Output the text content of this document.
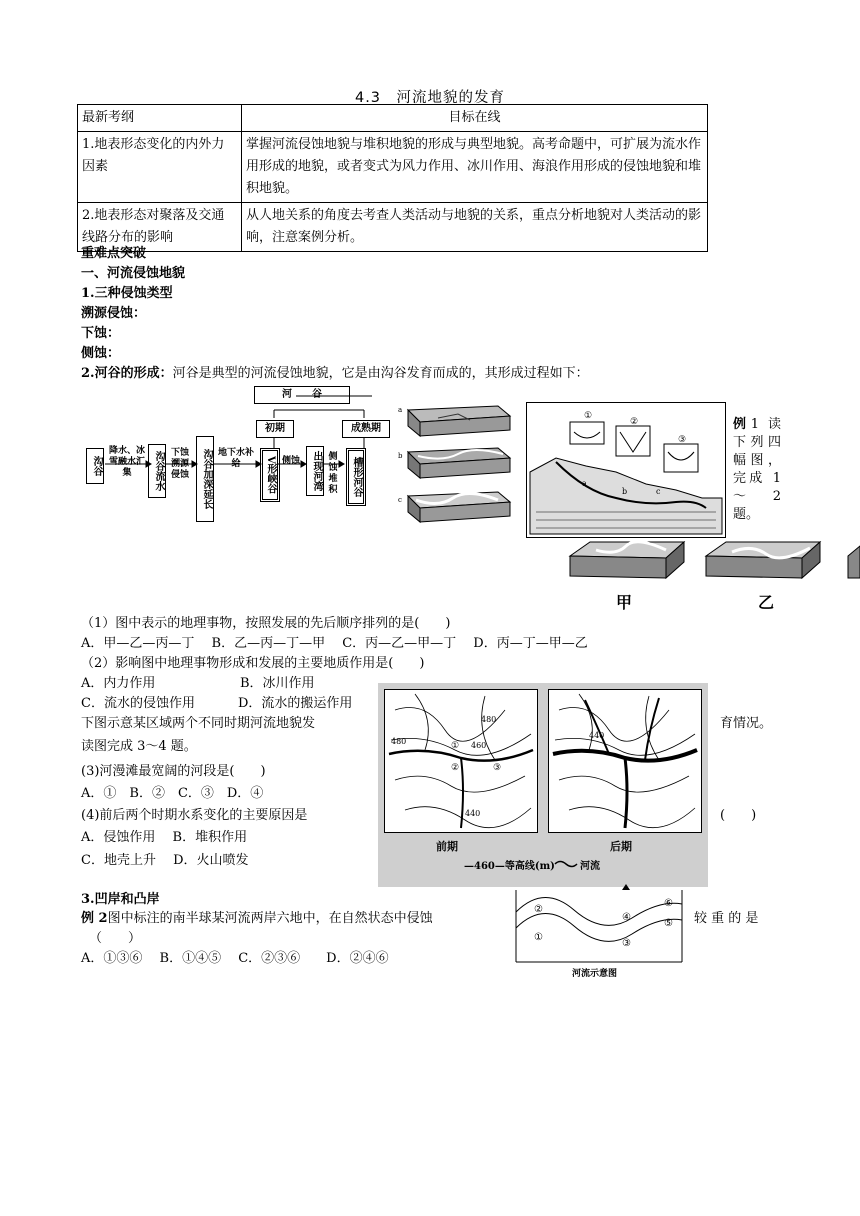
4.3　河流地貌的发育
最新考纲	目标在线
1.地表形态变化的内外力因素	掌握河流侵蚀地貌与堆积地貌的形成与典型地貌。高考命题中，可扩展为流水作用形成的地貌，或者变式为风力作用、冰川作用、海浪作用形成的侵蚀地貌和堆积地貌。
2.地表形态对聚落及交通线路分布的影响	从人地关系的角度去考查人类活动与地貌的关系，重点分析地貌对人类活动的影响，注意案例分析。
重难点突破
一、河流侵蚀地貌
1.三种侵蚀类型
溯源侵蚀：
下蚀：
侧蚀：
2.河谷的形成：河谷是典型的河流侵蚀地貌，它是由沟谷发育而成的，其形成过程如下：
河　　谷
初期	成熟期
沟谷
降水、冰雪融水汇集	沟谷流水 下蚀溯源侵蚀	沟谷加深延长 地下水补给	V形峡谷 侧蚀	出现河湾 侧蚀堆积	槽形河谷
a
b
c
①
②
③
a
b	c
例1 读下列四幅图，完成 1 ～ 2 题。
甲	乙
（1）图中表示的地理事物，按照发展的先后顺序排列的是(　　)
A．甲—乙—丙—丁　 B．乙—丙—丁—甲　 C．丙—乙—甲—丁　 D．丙—丁—甲—乙
（2）影响图中地理事物形成和发展的主要地质作用是(　　)
A．内力作用	B．冰川作用
C．流水的侵蚀作用	D．流水的搬运作用
下图示意某区域两个不同时期河流地貌发	育情况。
读图完成 3～4 题。
(3)河漫滩最宽阔的河段是(　　)
A．①　B．②　C．③　D．④
(4)前后两个时期水系变化的主要原因是	(　　)
A．侵蚀作用　 B．堆积作用
C．地壳上升　 D．火山喷发
480
480	460
440
①
②	③
440
前期	后期
—460—等高线(m)	河流
3.凹岸和凸岸
例 2图中标注的南半球某河流两岸六地中，在自然状态中侵蚀	较 重 的 是
（　　）
A．①③⑥　 B．①④⑤　 C．②③⑥　　D．②④⑥
②
①
④
③
⑥
⑤
河流示意图
